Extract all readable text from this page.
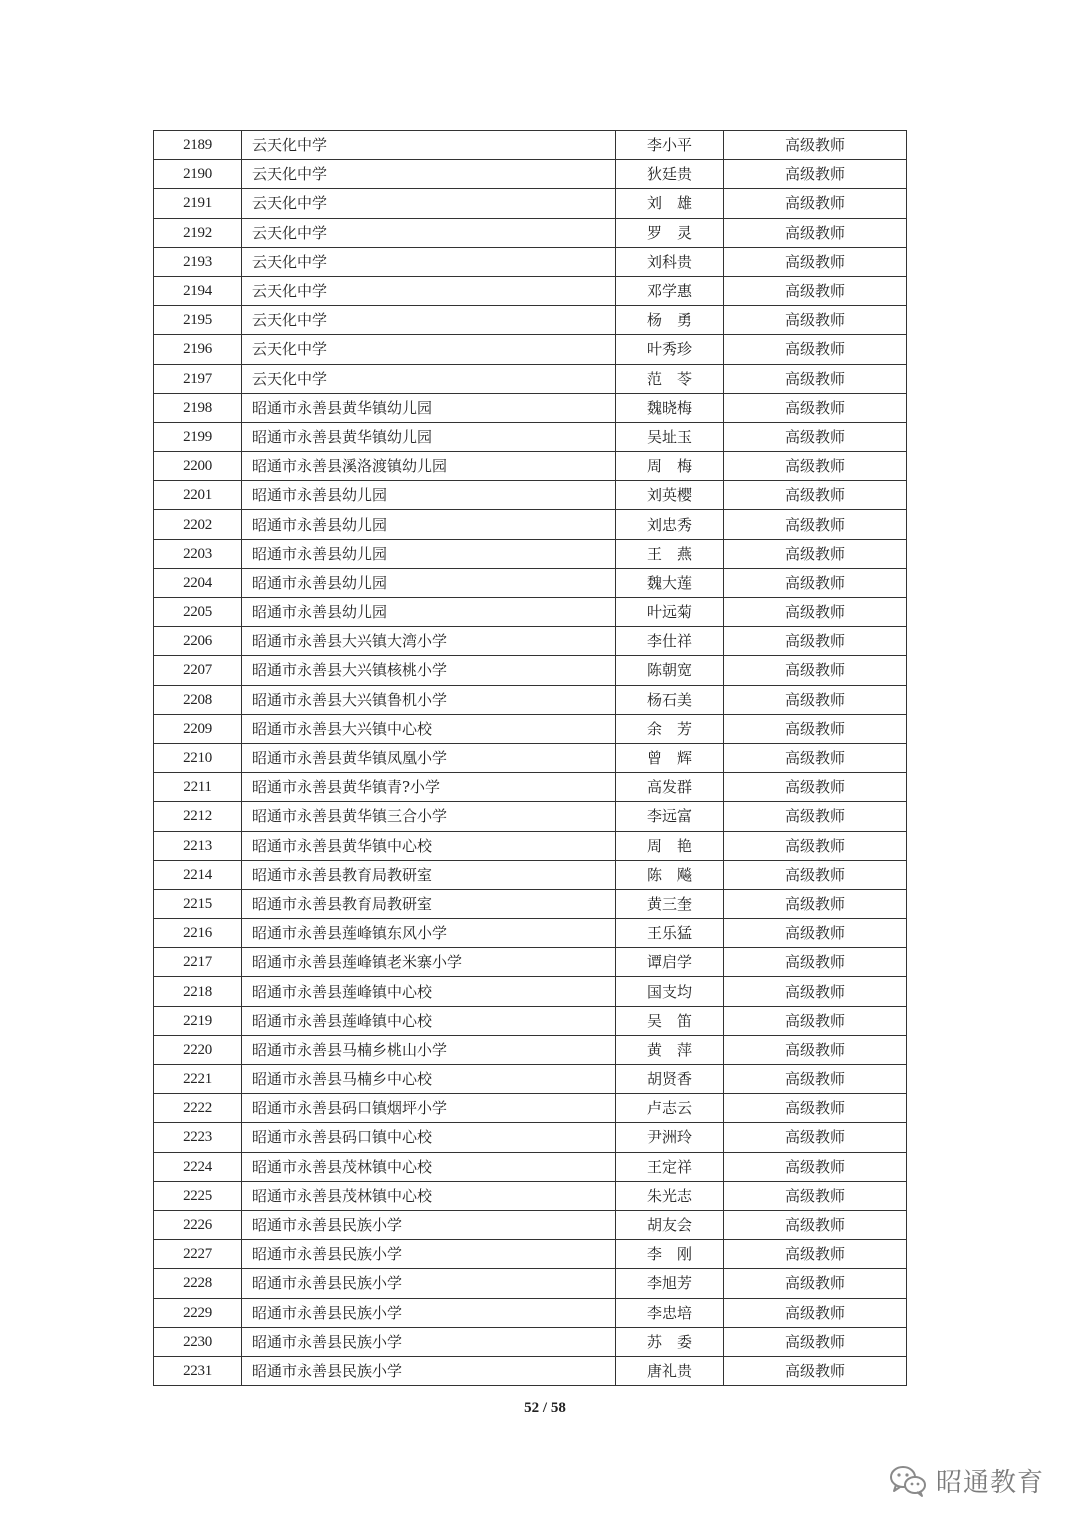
2189	云天化中学	李小平	高级教师
2190	云天化中学	狄廷贵	高级教师
2191	云天化中学	刘　雄	高级教师
2192	云天化中学	罗　灵	高级教师
2193	云天化中学	刘科贵	高级教师
2194	云天化中学	邓学惠	高级教师
2195	云天化中学	杨　勇	高级教师
2196	云天化中学	叶秀珍	高级教师
2197	云天化中学	范　苓	高级教师
2198	昭通市永善县黄华镇幼儿园	魏晓梅	高级教师
2199	昭通市永善县黄华镇幼儿园	吴址玉	高级教师
2200	昭通市永善县溪洛渡镇幼儿园	周　梅	高级教师
2201	昭通市永善县幼儿园	刘英樱	高级教师
2202	昭通市永善县幼儿园	刘忠秀	高级教师
2203	昭通市永善县幼儿园	王　燕	高级教师
2204	昭通市永善县幼儿园	魏大莲	高级教师
2205	昭通市永善县幼儿园	叶远菊	高级教师
2206	昭通市永善县大兴镇大湾小学	李仕祥	高级教师
2207	昭通市永善县大兴镇核桃小学	陈朝宽	高级教师
2208	昭通市永善县大兴镇鲁机小学	杨石美	高级教师
2209	昭通市永善县大兴镇中心校	余　芳	高级教师
2210	昭通市永善县黄华镇凤凰小学	曾　辉	高级教师
2211	昭通市永善县黄华镇青?小学	高发群	高级教师
2212	昭通市永善县黄华镇三合小学	李远富	高级教师
2213	昭通市永善县黄华镇中心校	周　艳	高级教师
2214	昭通市永善县教育局教研室	陈　飚	高级教师
2215	昭通市永善县教育局教研室	黄三奎	高级教师
2216	昭通市永善县莲峰镇东风小学	王乐猛	高级教师
2217	昭通市永善县莲峰镇老米寨小学	谭启学	高级教师
2218	昭通市永善县莲峰镇中心校	国支均	高级教师
2219	昭通市永善县莲峰镇中心校	吴　笛	高级教师
2220	昭通市永善县马楠乡桃山小学	黄　萍	高级教师
2221	昭通市永善县马楠乡中心校	胡贤香	高级教师
2222	昭通市永善县码口镇烟坪小学	卢志云	高级教师
2223	昭通市永善县码口镇中心校	尹洲玲	高级教师
2224	昭通市永善县茂林镇中心校	王定祥	高级教师
2225	昭通市永善县茂林镇中心校	朱光志	高级教师
2226	昭通市永善县民族小学	胡友会	高级教师
2227	昭通市永善县民族小学	李　刚	高级教师
2228	昭通市永善县民族小学	李旭芳	高级教师
2229	昭通市永善县民族小学	李忠培	高级教师
2230	昭通市永善县民族小学	苏　委	高级教师
2231	昭通市永善县民族小学	唐礼贵	高级教师
52 / 58
昭通教育
